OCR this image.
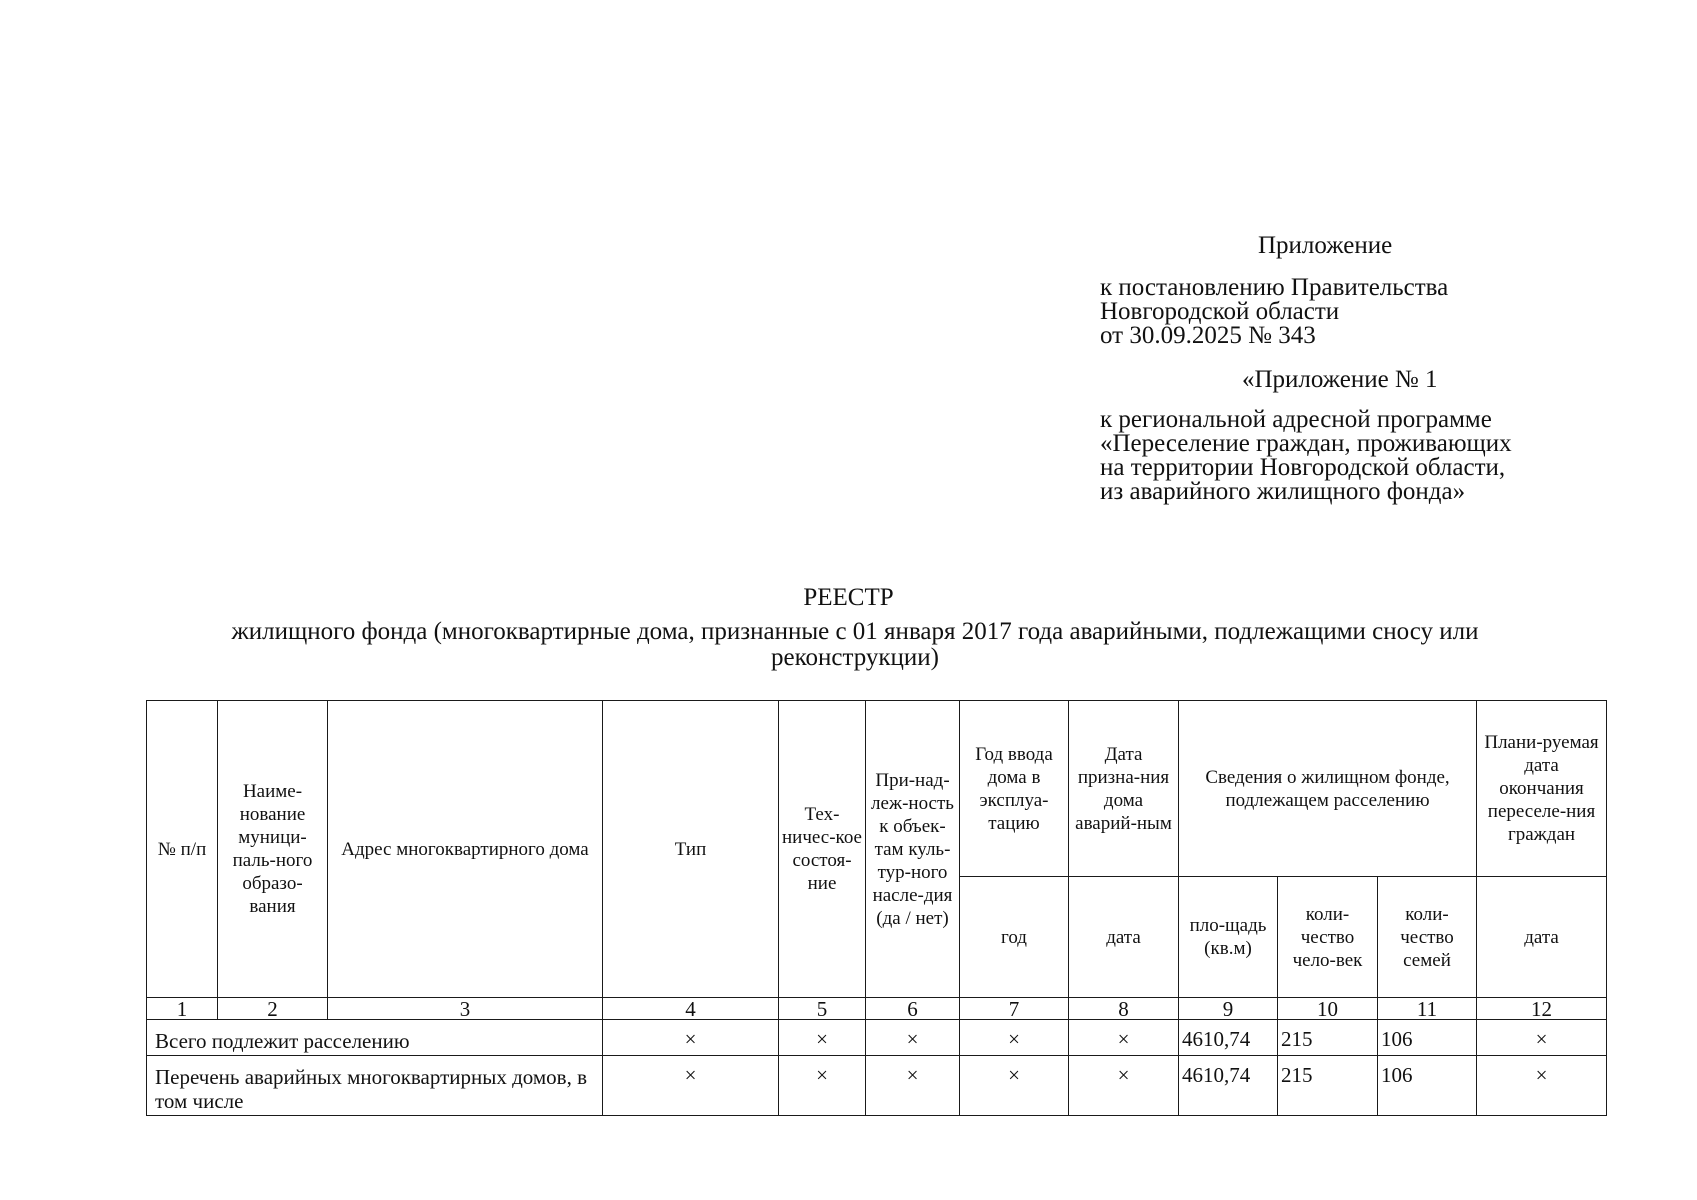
Приложение
к постановлению Правительства
Новгородской области
от 30.09.2025 № 343
«Приложение № 1
к региональной адресной программе
«Переселение граждан, проживающих
на территории Новгородской области,
из аварийного жилищного фонда»
РЕЕСТР
жилищного фонда (многоквартирные дома, признанные с 01 января 2017 года аварийными, подлежащими сносу или
реконструкции)
№ п/п	Наиме-нование муници-паль-ного образо-вания	Адрес многоквартирного дома	Тип	Тех-ничес-кое состоя-ние	При-над-леж-ность к объек-там куль-тур-ного насле-дия (да / нет)	Год ввода дома в эксплуа-тацию	Дата призна-ния дома аварий-ным	Сведения о жилищном фонде, подлежащем расселению			Плани-руемая дата окончания переселе-ния граждан
						год	дата	пло-щадь (кв.м)	коли-чество чело-век	коли-чество семей	дата
1	2	3	4	5	6	7	8	9	10	11	12
Всего подлежит расселению			×	×	×	×	×	4610,74	215	106	×
Перечень аварийных многоквартирных домов, в том числе			×	×	×	×	×	4610,74	215	106	×
